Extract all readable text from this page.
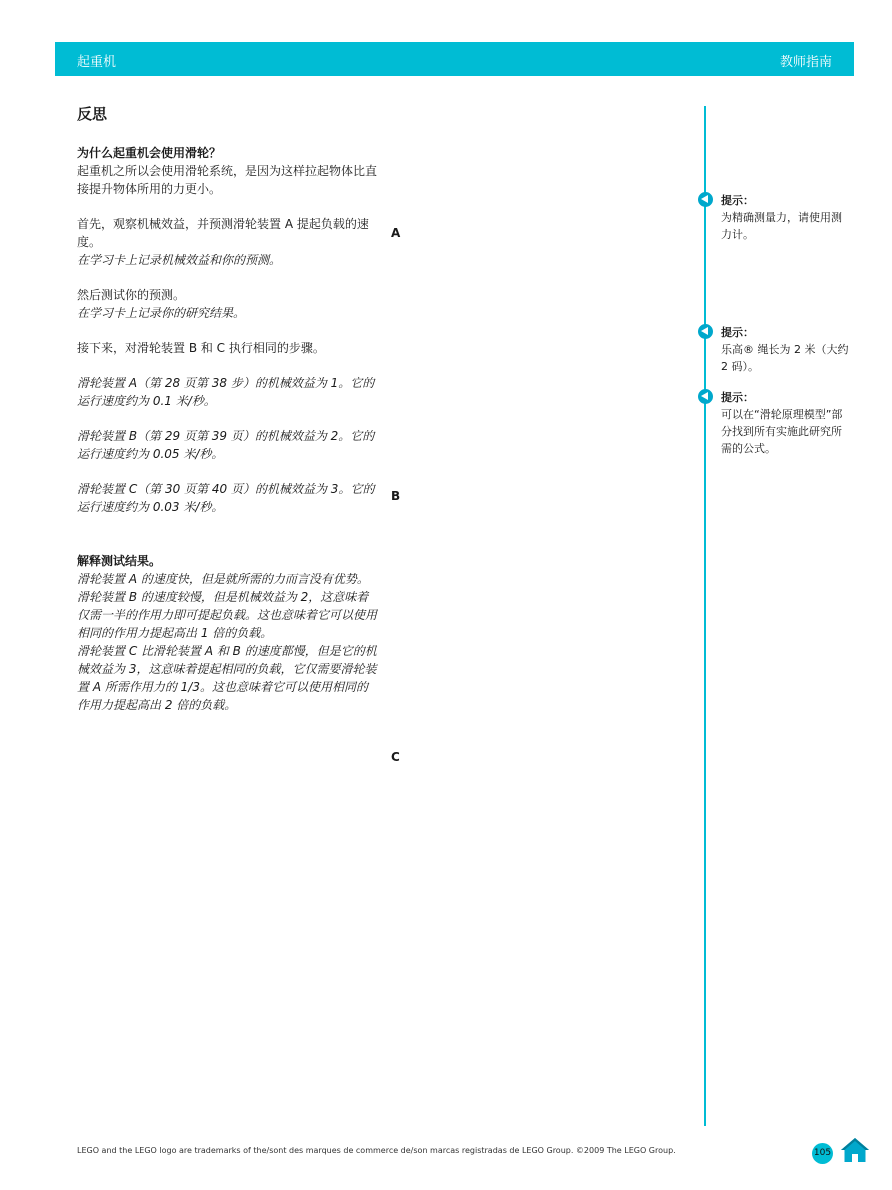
起重机	教师指南
反思

为什么起重机会使用滑轮？

起重机之所以会使用滑轮系统，是因为这样拉起物体比直接提升物体所用的力更小。

首先，观察机械效益，并预测滑轮装置 A 提起负载的速度。

在学习卡上记录机械效益和你的预测。

然后测试你的预测。

在学习卡上记录你的研究结果。

接下来，对滑轮装置 B 和 C 执行相同的步骤。

滑轮装置 A（第 28 页第 38 步）的机械效益为 1。它的运行速度约为 0.1 米/秒。

滑轮装置 B（第 29 页第 39 页）的机械效益为 2。它的运行速度约为 0.05 米/秒。

滑轮装置 C（第 30 页第 40 页）的机械效益为 3。它的运行速度约为 0.03 米/秒。

解释测试结果。

滑轮装置 A 的速度快，但是就所需的力而言没有优势。

滑轮装置 B 的速度较慢，但是机械效益为 2，这意味着仅需一半的作用力即可提起负载。这也意味着它可以使用相同的作用力提起高出 1 倍的负载。

滑轮装置 C 比滑轮装置 A 和 B 的速度都慢，但是它的机械效益为 3，这意味着提起相同的负载，它仅需要滑轮装置 A 所需作用力的 1/3。这也意味着它可以使用相同的作用力提起高出 2 倍的负载。

A
B
C
提示：
为精确测量力，请使用测力计。
提示：
乐高® 绳长为 2 米（大约 2 码）。
提示：
可以在“滑轮原理模型”部分找到所有实施此研究所需的公式。
LEGO and the LEGO logo are trademarks of the/sont des marques de commerce de/son marcas registradas de LEGO Group. ©2009 The LEGO Group.	105
